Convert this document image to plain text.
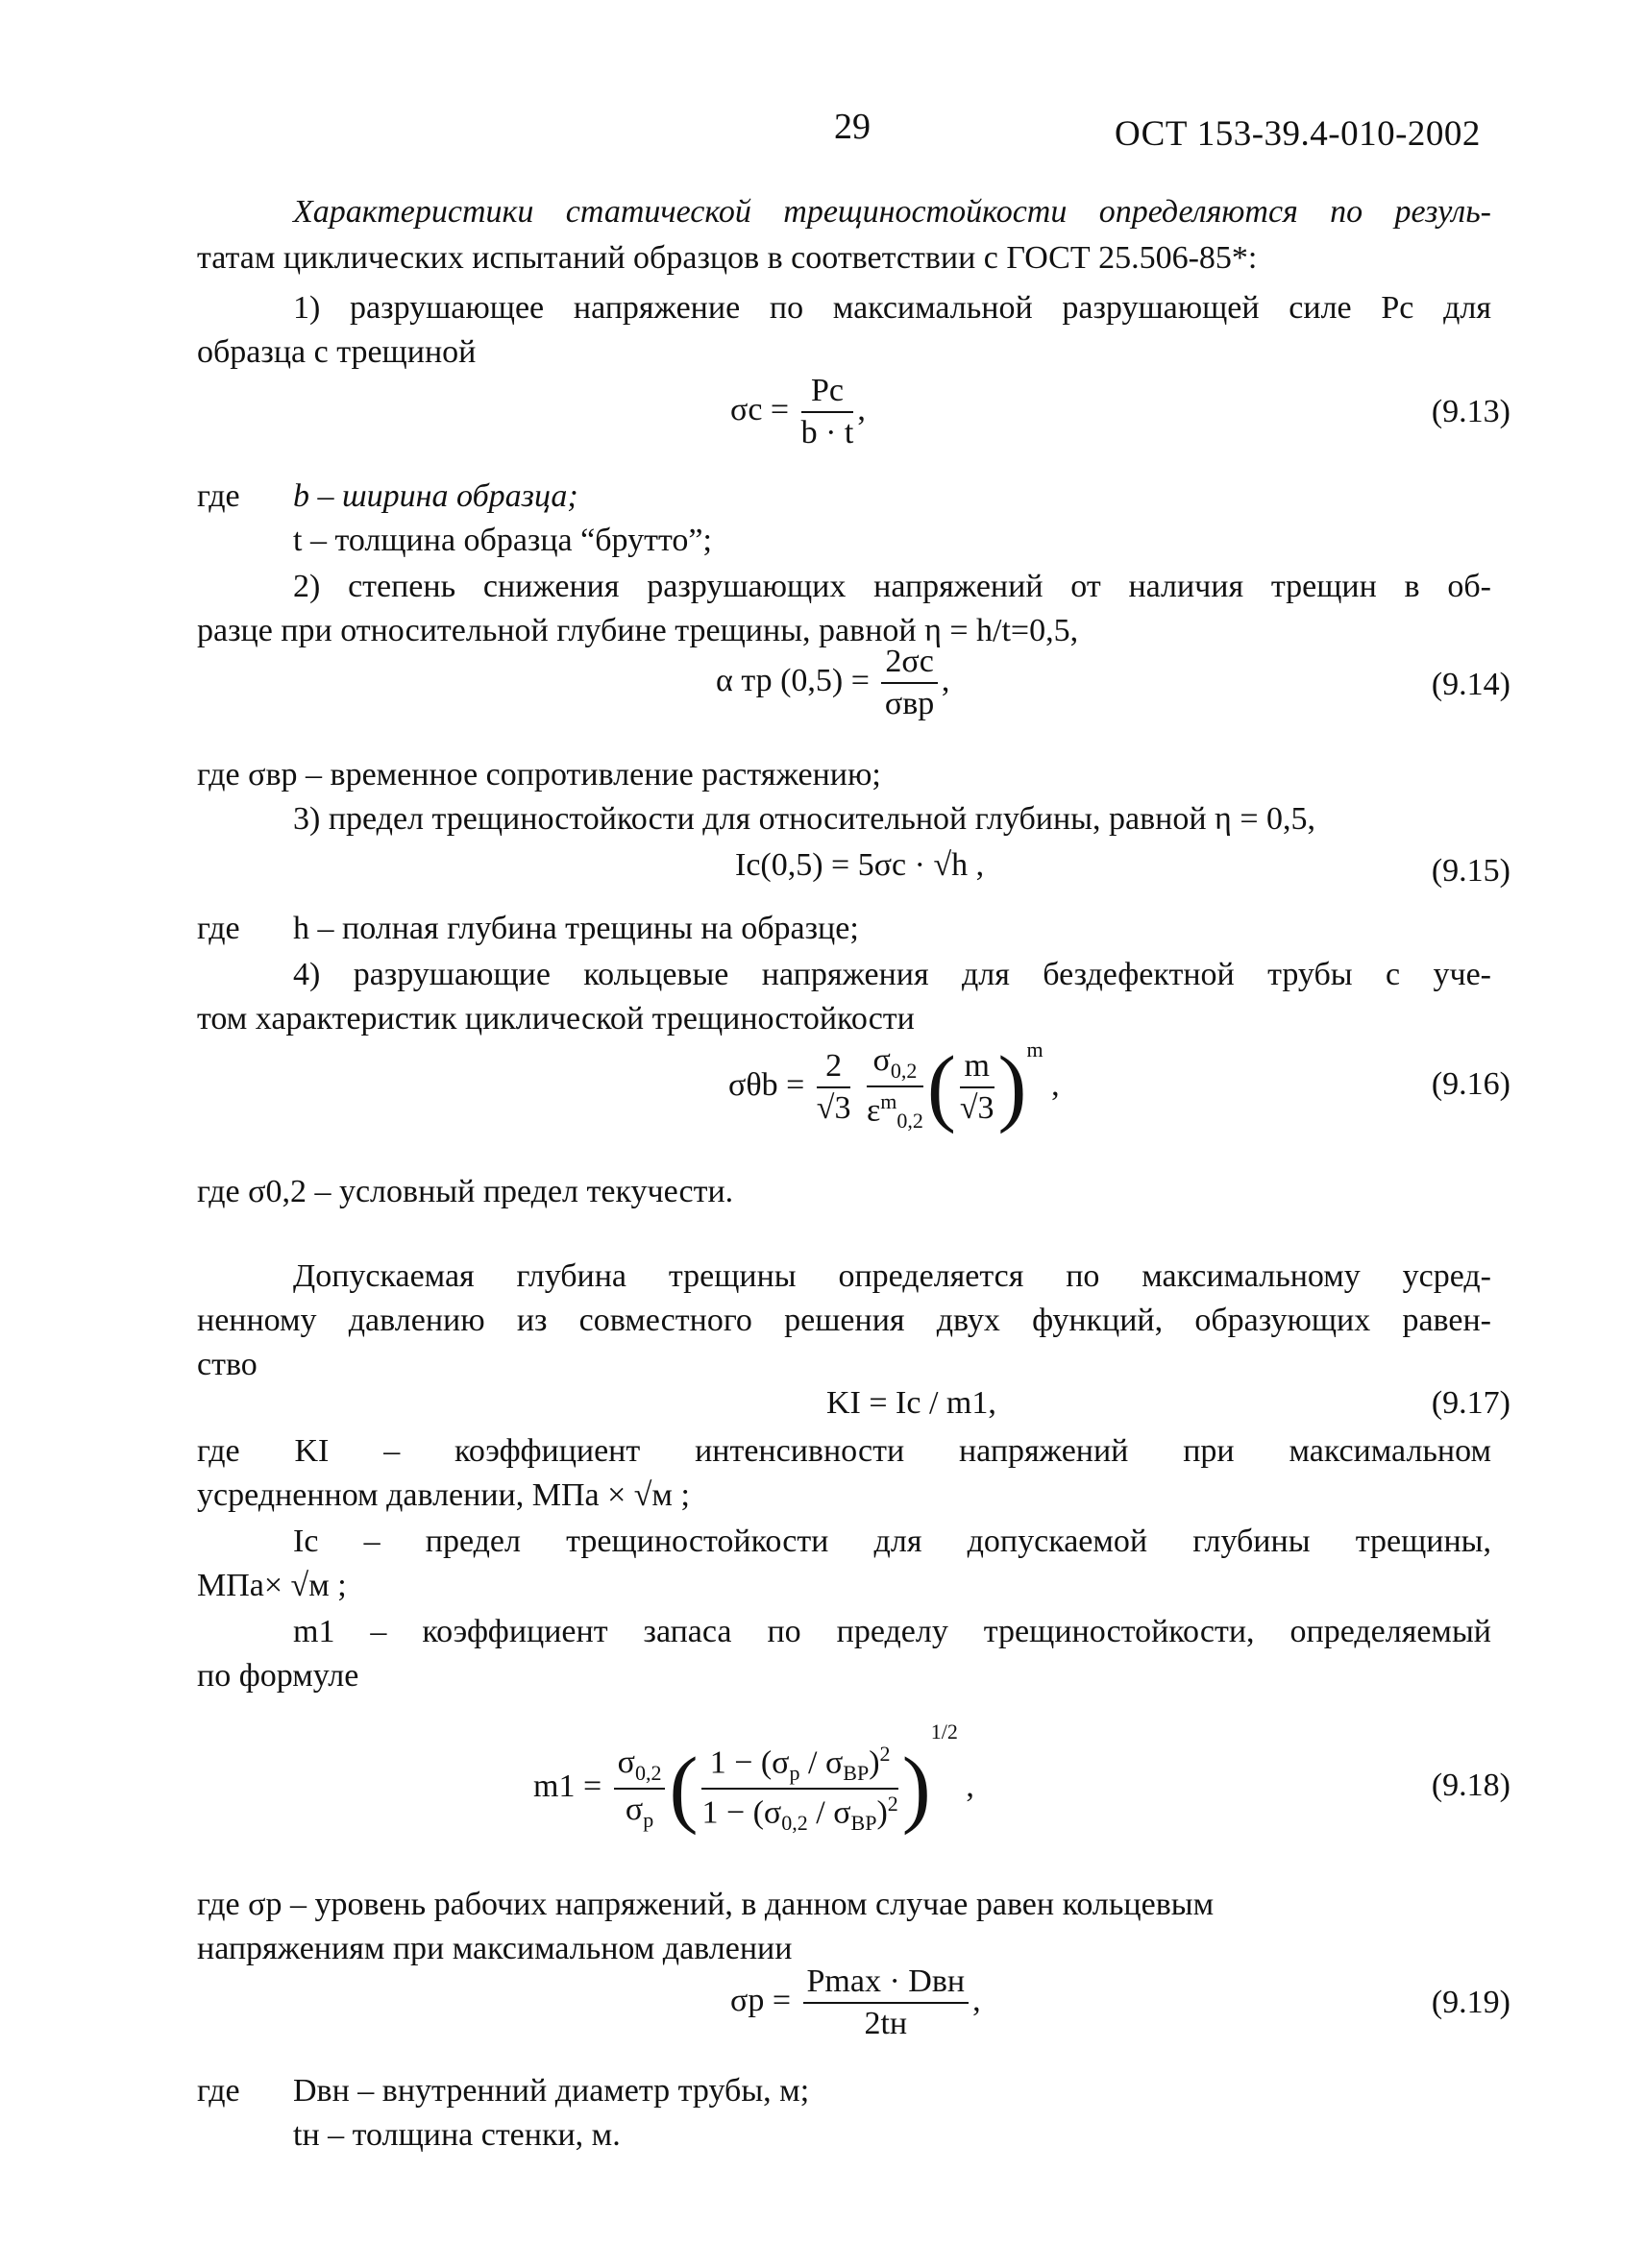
29	ОСТ 153-39.4-010-2002
Характеристики статической трещиностойкости определяются по резуль-
татам циклических испытаний образцов в соответствии с ГОСТ 25.506-85*:
1) разрушающее напряжение по максимальной разрушающей силе Pс для
образца с трещиной
$\sigma c = \frac{Pc}{b \cdot t}$ ,	(9.13)
где b – ширина образца;
t – толщина образца “брутто”;
2) степень снижения разрушающих напряжений от наличия трещин в об-
разце при относительной глубине трещины, равной η = h/t=0,5,
α тр $(0,5) = \frac{2\sigma c}{\text{σвр}}$ ,	(9.14)
где σвр – временное сопротивление растяжению;
3) предел трещиностойкости для относительной глубины, равной η = 0,5,
Ic(0,5) = 5σc · √h ,	(9.15)
где h – полная глубина трещины на образце;
4) разрушающие кольцевые напряжения для бездефектной трубы с уче-
том характеристик циклической трещиностойкости
$\sigma\theta b = \frac{2}{√3}$
$\frac{\sigma_{0,2}}{\varepsilon^m_{0,2}}$ ( $\frac{m}{√3} )^m$ ,	(9.16)
где σ0,2 – условный предел текучести.
Допускаемая глубина трещины определяется по максимальному усред-
ненному давлению из совместного решения двух функций, образующих равен-
ство
KI = Ic / m1,	(9.17)
где KI – коэффициент интенсивности напряжений при максимальном
усредненном давлении, МПа × √м ;
Ic – предел трещиностойкости для допускаемой глубины трещины,
МПа× √м ;
m1 – коэффициент запаса по пределу трещиностойкости, определяемый
по формуле
$m1 = \frac{\sigma_{0,2}}{\sigma_р}$ ( $\frac{1 - (\sigma_р / \sigma_{ВР})^2}{1 - (\sigma_{0,2} / \sigma_{ВР})^2} )^{1/2}$ ,	(9.18)
где σр – уровень рабочих напряжений, в данном случае равен кольцевым
напряжениям при максимальном давлении
$\sigma р = \frac{\text{Pmax · Dвн}}{2tн}$ ,	(9.19)
где Dвн – внутренний диаметр трубы, м;
tн – толщина стенки, м.
